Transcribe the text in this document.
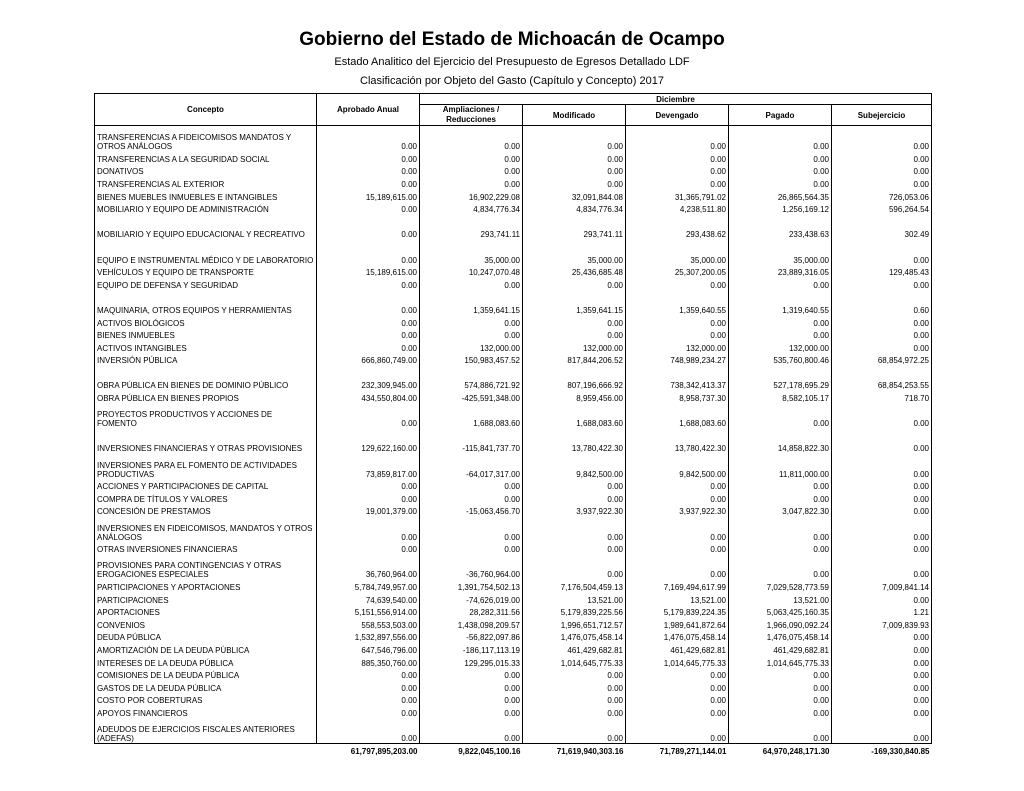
Gobierno del Estado de Michoacán de Ocampo
Estado Analitico del Ejercicio del Presupuesto de Egresos Detallado LDF
Clasificación por Objeto del Gasto (Capítulo y Concepto) 2017
Concepto	Aprobado Anual	Diciembre				
		Ampliaciones / Reducciones	Modificado	Devengado	Pagado	Subejercicio
TRANSFERENCIAS A FIDEICOMISOS MANDATOS Y OTROS ANÁLOGOS	0.00	0.00	0.00	0.00	0.00	0.00
TRANSFERENCIAS A LA SEGURIDAD SOCIAL	0.00	0.00	0.00	0.00	0.00	0.00
DONATIVOS	0.00	0.00	0.00	0.00	0.00	0.00
TRANSFERENCIAS AL EXTERIOR	0.00	0.00	0.00	0.00	0.00	0.00
BIENES MUEBLES INMUEBLES E INTANGIBLES	15,189,615.00	16,902,229.08	32,091,844.08	31,365,791.02	26,865,564.35	726,053.06
MOBILIARIO Y EQUIPO DE ADMINISTRACIÓN	0.00	4,834,776.34	4,834,776.34	4,238,511.80	1,256,169.12	596,264.54
MOBILIARIO Y EQUIPO EDUCACIONAL Y RECREATIVO	0.00	293,741.11	293,741.11	293,438.62	233,438.63	302.49
EQUIPO E INSTRUMENTAL MÉDICO Y DE LABORATORIO	0.00	35,000.00	35,000.00	35,000.00	35,000.00	0.00
VEHÍCULOS Y EQUIPO DE TRANSPORTE	15,189,615.00	10,247,070.48	25,436,685.48	25,307,200.05	23,889,316.05	129,485.43
EQUIPO DE DEFENSA Y SEGURIDAD	0.00	0.00	0.00	0.00	0.00	0.00
MAQUINARIA, OTROS EQUIPOS Y HERRAMIENTAS	0.00	1,359,641.15	1,359,641.15	1,359,640.55	1,319,640.55	0.60
ACTIVOS BIOLÓGICOS	0.00	0.00	0.00	0.00	0.00	0.00
BIENES INMUEBLES	0.00	0.00	0.00	0.00	0.00	0.00
ACTIVOS INTANGIBLES	0.00	132,000.00	132,000.00	132,000.00	132,000.00	0.00
INVERSIÓN PÚBLICA	666,860,749.00	150,983,457.52	817,844,206.52	748,989,234.27	535,760,800.46	68,854,972.25
OBRA PÚBLICA EN BIENES DE DOMINIO PÚBLICO	232,309,945.00	574,886,721.92	807,196,666.92	738,342,413.37	527,178,695.29	68,854,253.55
OBRA PÚBLICA EN BIENES PROPIOS	434,550,804.00	-425,591,348.00	8,959,456.00	8,958,737.30	8,582,105.17	718.70
PROYECTOS PRODUCTIVOS Y ACCIONES DE FOMENTO	0.00	1,688,083.60	1,688,083.60	1,688,083.60	0.00	0.00
INVERSIONES FINANCIERAS Y OTRAS PROVISIONES	129,622,160.00	-115,841,737.70	13,780,422.30	13,780,422.30	14,858,822.30	0.00
INVERSIONES PARA EL FOMENTO DE ACTIVIDADES PRODUCTIVAS	73,859,817.00	-64,017,317.00	9,842,500.00	9,842,500.00	11,811,000.00	0.00
ACCIONES Y PARTICIPACIONES DE CAPITAL	0.00	0.00	0.00	0.00	0.00	0.00
COMPRA DE TÍTULOS Y VALORES	0.00	0.00	0.00	0.00	0.00	0.00
CONCESIÓN DE PRESTAMOS	19,001,379.00	-15,063,456.70	3,937,922.30	3,937,922.30	3,047,822.30	0.00
INVERSIONES EN FIDEICOMISOS, MANDATOS Y OTROS ANÁLOGOS	0.00	0.00	0.00	0.00	0.00	0.00
OTRAS INVERSIONES FINANCIERAS	0.00	0.00	0.00	0.00	0.00	0.00
PROVISIONES PARA CONTINGENCIAS Y OTRAS EROGACIONES ESPECIALES	36,760,964.00	-36,760,964.00	0.00	0.00	0.00	0.00
PARTICIPACIONES Y APORTACIONES	5,784,749,957.00	1,391,754,502.13	7,176,504,459.13	7,169,494,617.99	7,029,528,773.59	7,009,841.14
PARTICIPACIONES	74,639,540.00	-74,626,019.00	13,521.00	13,521.00	13,521.00	0.00
APORTACIONES	5,151,556,914.00	28,282,311.56	5,179,839,225.56	5,179,839,224.35	5,063,425,160.35	1.21
CONVENIOS	558,553,503.00	1,438,098,209.57	1,996,651,712.57	1,989,641,872.64	1,966,090,092.24	7,009,839.93
DEUDA PÚBLICA	1,532,897,556.00	-56,822,097.86	1,476,075,458.14	1,476,075,458.14	1,476,075,458.14	0.00
AMORTIZACIÓN DE LA DEUDA PÚBLICA	647,546,796.00	-186,117,113.19	461,429,682.81	461,429,682.81	461,429,682.81	0.00
INTERESES DE LA DEUDA PÚBLICA	885,350,760.00	129,295,015.33	1,014,645,775.33	1,014,645,775.33	1,014,645,775.33	0.00
COMISIONES DE LA DEUDA PÚBLICA	0.00	0.00	0.00	0.00	0.00	0.00
GASTOS DE LA DEUDA PÚBLICA	0.00	0.00	0.00	0.00	0.00	0.00
COSTO POR COBERTURAS	0.00	0.00	0.00	0.00	0.00	0.00
APOYOS FINANCIEROS	0.00	0.00	0.00	0.00	0.00	0.00
ADEUDOS DE EJERCICIOS FISCALES ANTERIORES (ADEFAS)	0.00	0.00	0.00	0.00	0.00	0.00
	61,797,895,203.00	9,822,045,100.16	71,619,940,303.16	71,789,271,144.01	64,970,248,171.30	-169,330,840.85
